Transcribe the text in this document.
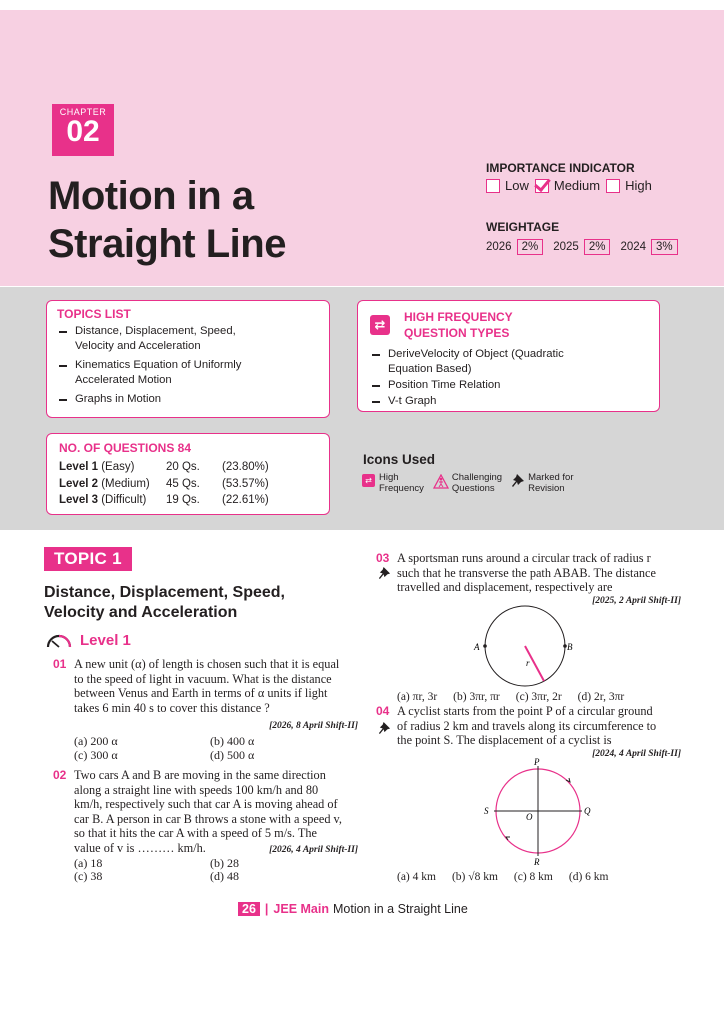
CHAPTER
02
Motion in a
Straight Line
IMPORTANCE INDICATOR
Low Medium High
WEIGHTAGE
2026 2%	2025 2%	2024 3%
TOPICS LIST
Distance, Displacement, Speed, Velocity and Acceleration
Kinematics Equation of Uniformly Accelerated Motion
Graphs in Motion
⇄	HIGH FREQUENCY
QUESTION TYPES
DeriveVelocity of Object (Quadratic Equation Based)
Position Time Relation
V-t Graph
NO. OF QUESTIONS 84
Level 1 (Easy)	20 Qs.	(23.80%)
Level 2 (Medium)	45 Qs.	(53.57%)
Level 3 (Difficult)	19 Qs.	(22.61%)
Icons Used
⇄ High
Frequency
Challenging
Questions
Marked for
Revision
TOPIC 1
Distance, Displacement, Speed,
Velocity and Acceleration
Level 1
01 A new unit (α) of length is chosen such that it is equal
to the speed of light in vacuum. What is the distance
between Venus and Earth in terms of α units if light
takes 6 min 40 s to cover this distance ?
[2026, 8 April Shift-II]
(a) 200 α	(b) 400 α
(c) 300 α	(d) 500 α
02 Two cars A and B are moving in the same direction
along a straight line with speeds 100 km/h and 80
km/h, respectively such that car A is moving ahead of
car B. A person in car B throws a stone with a speed v,
so that it hits the car A with a speed of 5 m/s. The
value of v is ……… km/h.	[2026, 4 April Shift-II]
(a) 18	(b) 28
(c) 38	(d) 48
03 A sportsman runs around a circular track of radius r
such that he transverse the path ABAB. The distance
travelled and displacement, respectively are
[2025, 2 April Shift-II]
A	B
r
(a) πr, 3r (b) 3πr, πr (c) 3πr, 2r (d) 2r, 3πr
04 A cyclist starts from the point P of a circular ground
of radius 2 km and travels along its circumference to
the point S. The displacement of a cyclist is
[2024, 4 April Shift-II]
P
Q
R
S
O
(a) 4 km (b) √8 km (c) 8 km (d) 6 km
26 | JEE Main Motion in a Straight Line
